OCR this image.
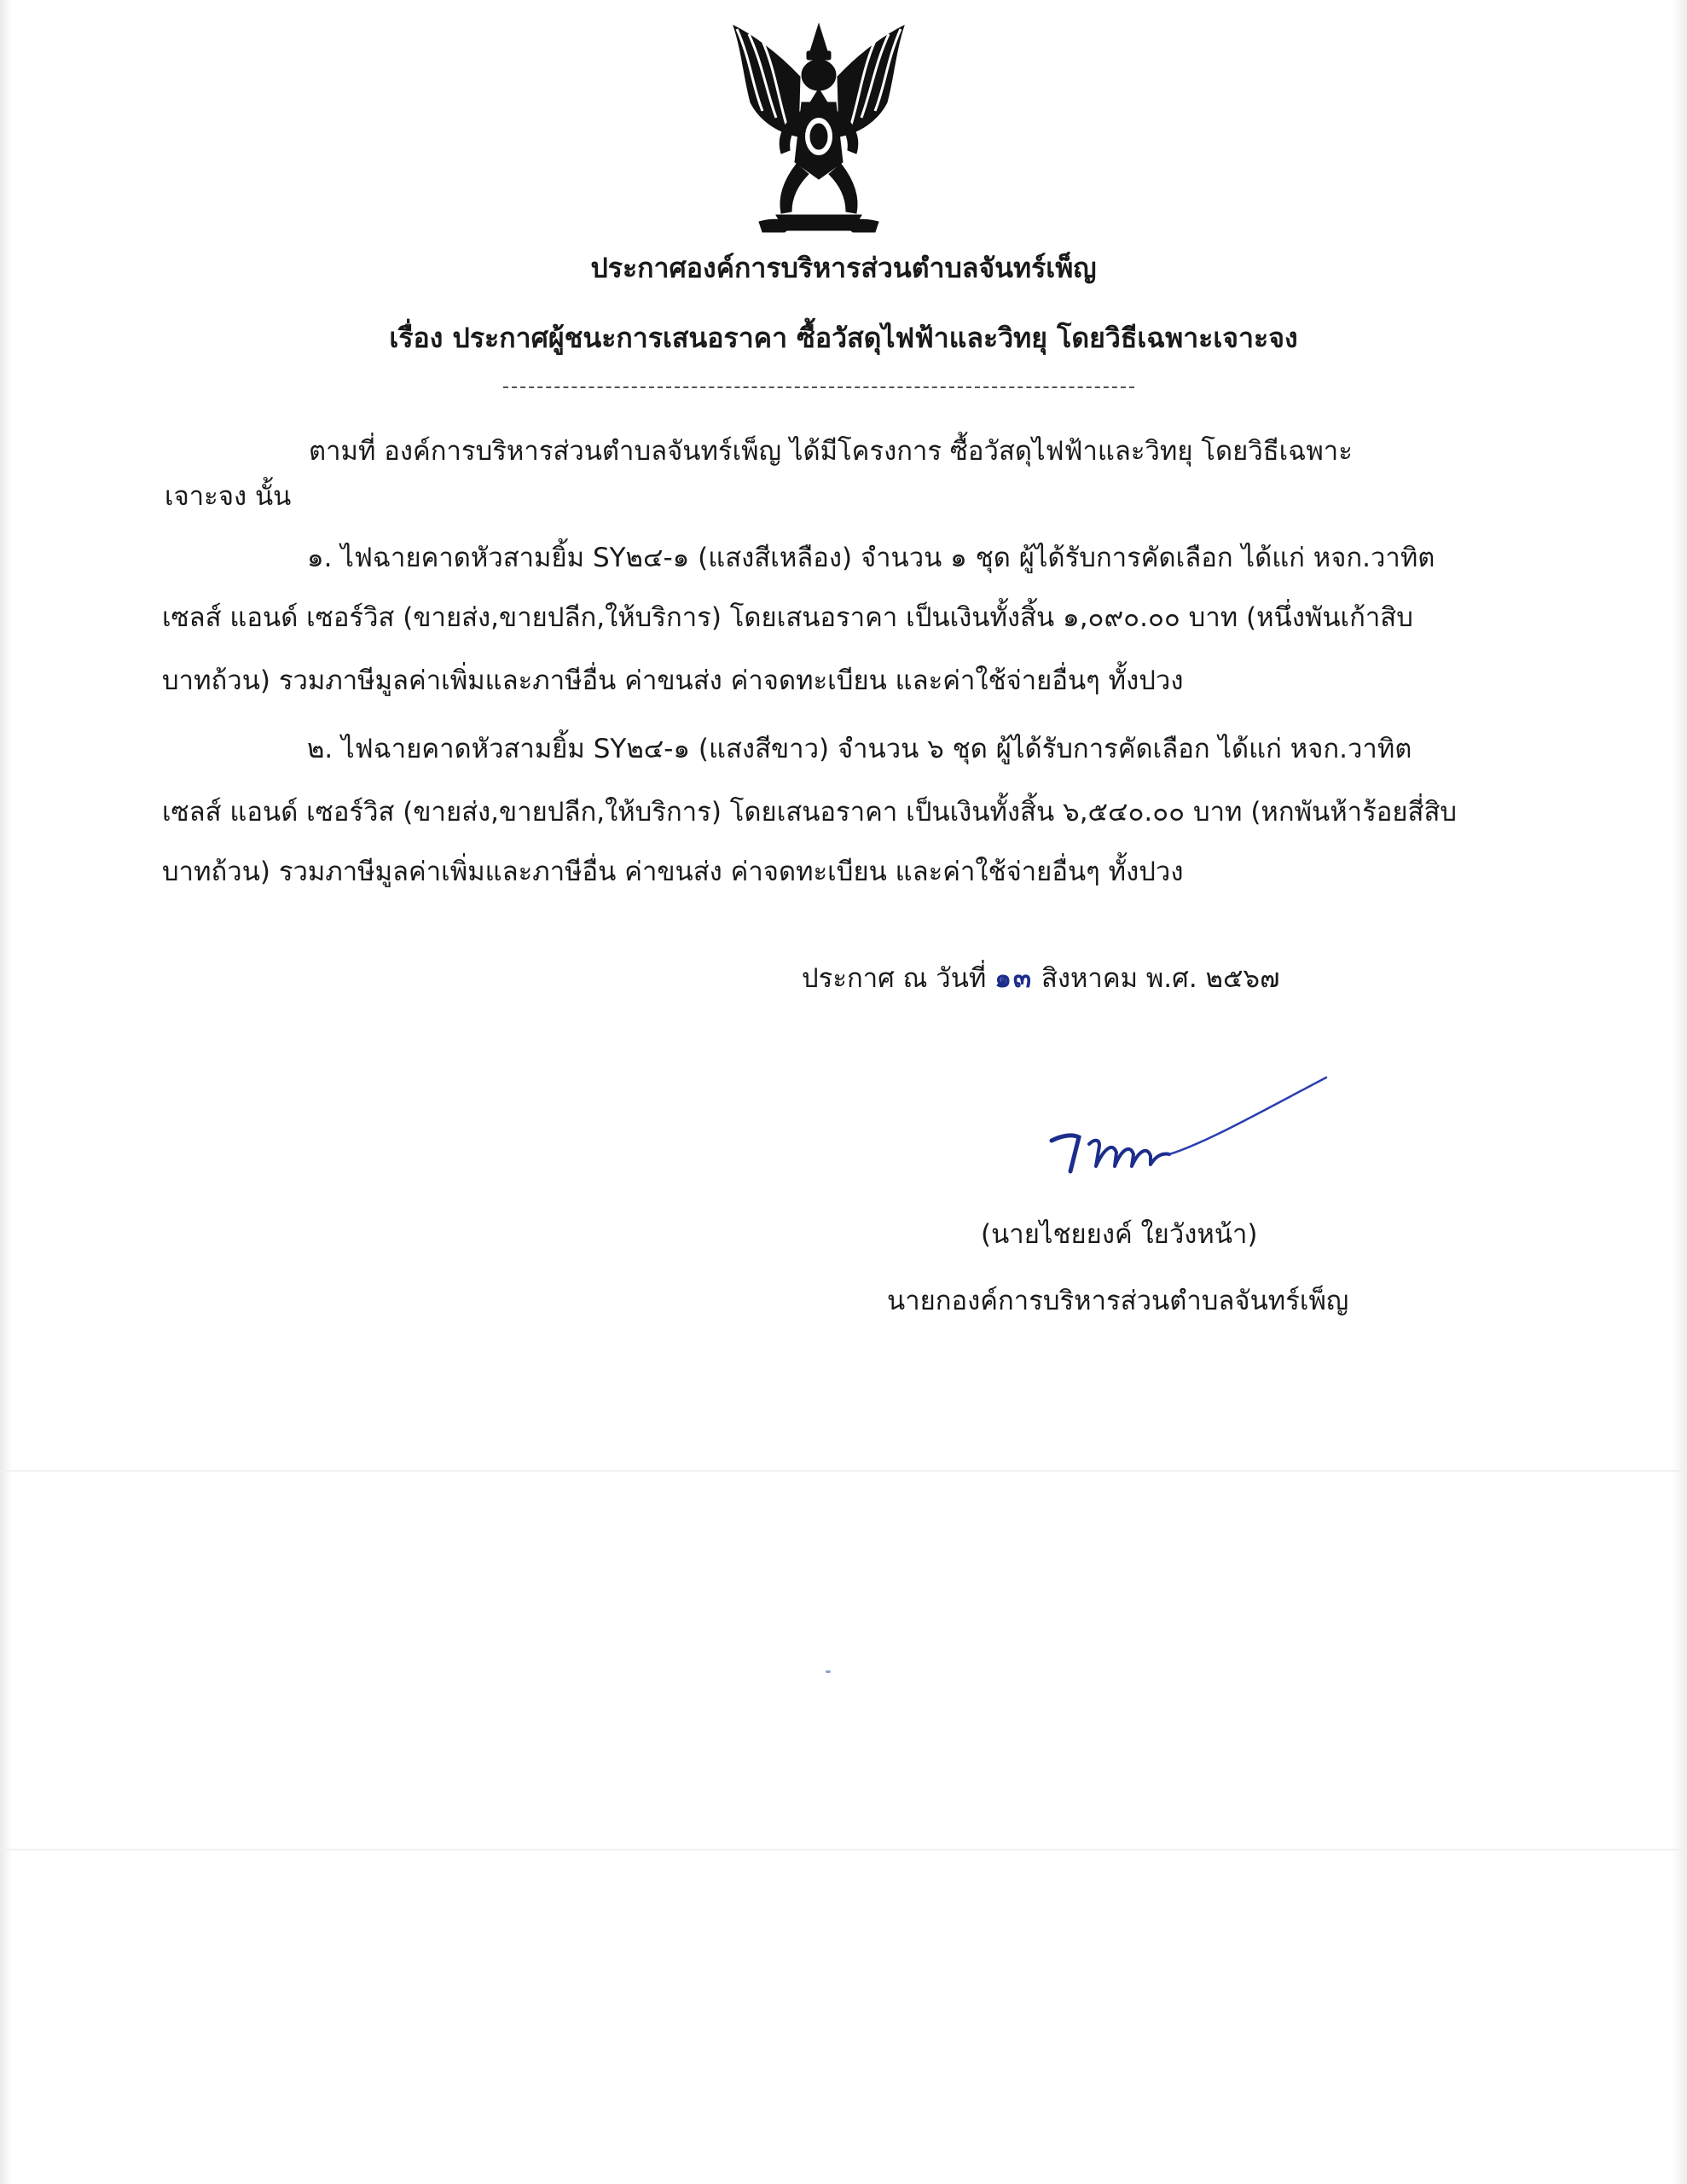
ประกาศองค์การบริหารส่วนตำบลจันทร์เพ็ญ
เรื่อง ประกาศผู้ชนะการเสนอราคา ซื้อวัสดุไฟฟ้าและวิทยุ โดยวิธีเฉพาะเจาะจง
ตามที่ องค์การบริหารส่วนตำบลจันทร์เพ็ญ ได้มีโครงการ ซื้อวัสดุไฟฟ้าและวิทยุ โดยวิธีเฉพาะ
เจาะจง นั้น
๑. ไฟฉายคาดหัวสามยิ้ม SY๒๔-๑ (แสงสีเหลือง) จำนวน ๑ ชุด ผู้ได้รับการคัดเลือก ได้แก่ หจก.วาทิต
เซลส์ แอนด์ เซอร์วิส (ขายส่ง,ขายปลีก,ให้บริการ) โดยเสนอราคา เป็นเงินทั้งสิ้น ๑,๐๙๐.๐๐ บาท (หนึ่งพันเก้าสิบ
บาทถ้วน) รวมภาษีมูลค่าเพิ่มและภาษีอื่น ค่าขนส่ง ค่าจดทะเบียน และค่าใช้จ่ายอื่นๆ ทั้งปวง
๒. ไฟฉายคาดหัวสามยิ้ม SY๒๔-๑ (แสงสีขาว) จำนวน ๖ ชุด ผู้ได้รับการคัดเลือก ได้แก่ หจก.วาทิต
เซลส์ แอนด์ เซอร์วิส (ขายส่ง,ขายปลีก,ให้บริการ) โดยเสนอราคา เป็นเงินทั้งสิ้น ๖,๕๔๐.๐๐ บาท (หกพันห้าร้อยสี่สิบ
บาทถ้วน) รวมภาษีมูลค่าเพิ่มและภาษีอื่น ค่าขนส่ง ค่าจดทะเบียน และค่าใช้จ่ายอื่นๆ ทั้งปวง
ประกาศ ณ วันที่ ๑๓ สิงหาคม พ.ศ. ๒๕๖๗
(นายไชยยงค์ ใยวังหน้า)
นายกองค์การบริหารส่วนตำบลจันทร์เพ็ญ
